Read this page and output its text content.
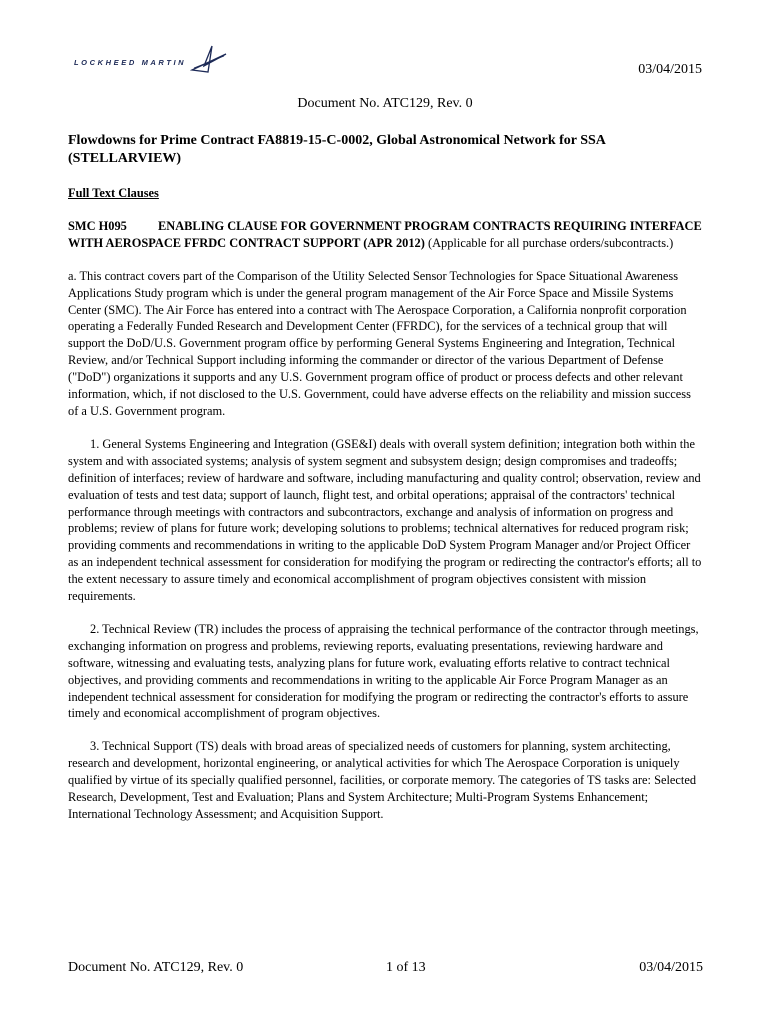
LOCKHEED MARTIN	03/04/2015
Document No. ATC129, Rev. 0
Flowdowns for Prime Contract FA8819-15-C-0002, Global Astronomical Network for SSA (STELLARVIEW)
Full Text Clauses
SMC H095	ENABLING CLAUSE FOR GOVERNMENT PROGRAM CONTRACTS REQUIRING INTERFACE WITH AEROSPACE FFRDC CONTRACT SUPPORT (APR 2012) (Applicable for all purchase orders/subcontracts.)

a. This contract covers part of the Comparison of the Utility Selected Sensor Technologies for Space Situational Awareness Applications Study program which is under the general program management of the Air Force Space and Missile Systems Center (SMC). The Air Force has entered into a contract with The Aerospace Corporation, a California nonprofit corporation operating a Federally Funded Research and Development Center (FFRDC), for the services of a technical group that will support the DoD/U.S. Government program office by performing General Systems Engineering and Integration, Technical Review, and/or Technical Support including informing the commander or director of the various Department of Defense ("DoD") organizations it supports and any U.S. Government program office of product or process defects and other relevant information, which, if not disclosed to the U.S. Government, could have adverse effects on the reliability and mission success of a U.S. Government program.

1. General Systems Engineering and Integration (GSE&I) deals with overall system definition; integration both within the system and with associated systems; analysis of system segment and subsystem design; design compromises and tradeoffs; definition of interfaces; review of hardware and software, including manufacturing and quality control; observation, review and evaluation of tests and test data; support of launch, flight test, and orbital operations; appraisal of the contractors' technical performance through meetings with contractors and subcontractors, exchange and analysis of information on progress and problems; review of plans for future work; developing solutions to problems; technical alternatives for reduced program risk; providing comments and recommendations in writing to the applicable DoD System Program Manager and/or Project Officer as an independent technical assessment for consideration for modifying the program or redirecting the contractor's efforts; all to the extent necessary to assure timely and economical accomplishment of program objectives consistent with mission requirements.

2. Technical Review (TR) includes the process of appraising the technical performance of the contractor through meetings, exchanging information on progress and problems, reviewing reports, evaluating presentations, reviewing hardware and software, witnessing and evaluating tests, analyzing plans for future work, evaluating efforts relative to contract technical objectives, and providing comments and recommendations in writing to the applicable Air Force Program Manager as an independent technical assessment for consideration for modifying the program or redirecting the contractor's efforts to assure timely and economical accomplishment of program objectives.

3. Technical Support (TS) deals with broad areas of specialized needs of customers for planning, system architecting, research and development, horizontal engineering, or analytical activities for which The Aerospace Corporation is uniquely qualified by virtue of its specially qualified personnel, facilities, or corporate memory. The categories of TS tasks are: Selected Research, Development, Test and Evaluation; Plans and System Architecture; Multi-Program Systems Enhancement; International Technology Assessment; and Acquisition Support.

Document No. ATC129, Rev. 0	1 of 13	03/04/2015
